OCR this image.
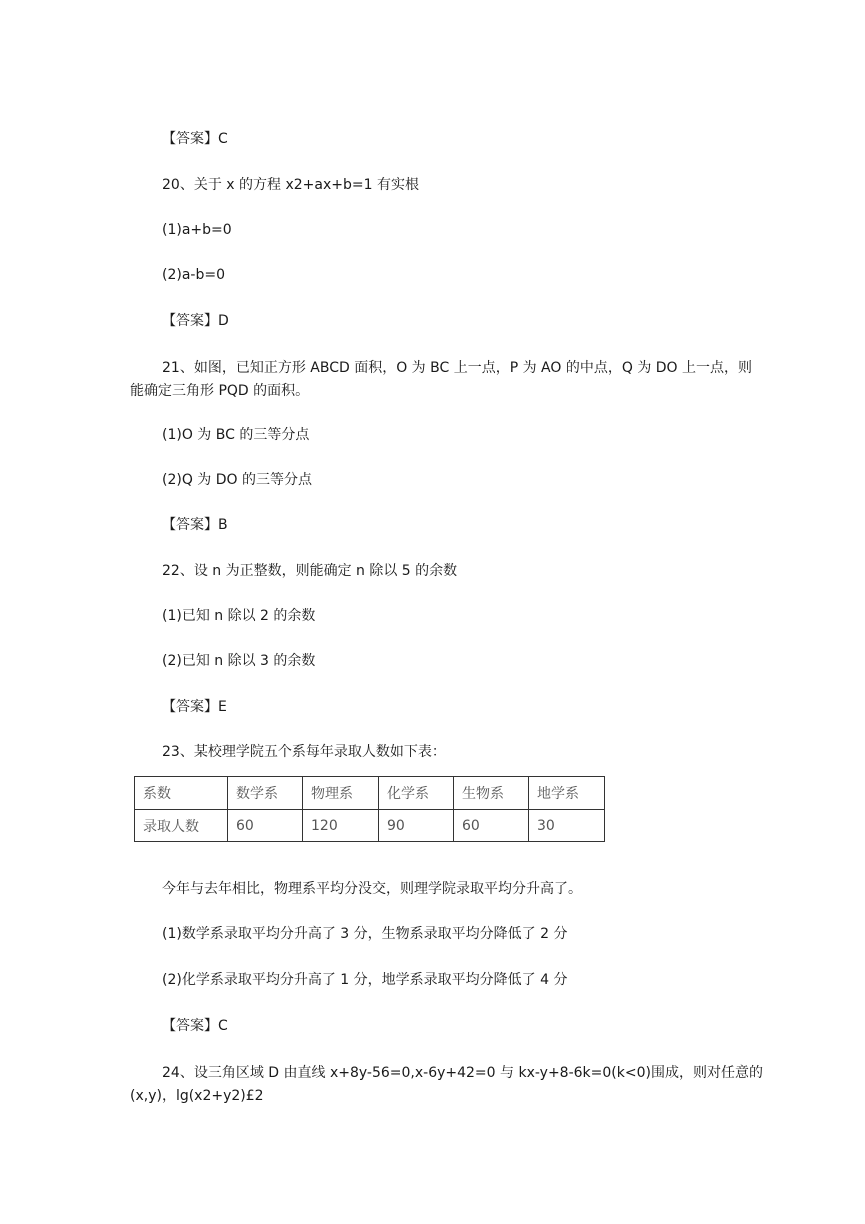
【答案】C
20、关于 x 的方程 x2+ax+b=1 有实根
(1)a+b=0
(2)a-b=0
【答案】D
21、如图，已知正方形 ABCD 面积，O 为 BC 上一点，P 为 AO 的中点，Q 为 DO 上一点，则能确定三角形 PQD 的面积。
(1)O 为 BC 的三等分点
(2)Q 为 DO 的三等分点
【答案】B
22、设 n 为正整数，则能确定 n 除以 5 的余数
(1)已知 n 除以 2 的余数
(2)已知 n 除以 3 的余数
【答案】E
23、某校理学院五个系每年录取人数如下表：
系数	数学系	物理系	化学系	生物系	地学系
录取人数	60	120	90	60	30
今年与去年相比，物理系平均分没交，则理学院录取平均分升高了。
(1)数学系录取平均分升高了 3 分，生物系录取平均分降低了 2 分
(2)化学系录取平均分升高了 1 分，地学系录取平均分降低了 4 分
【答案】C
24、设三角区域 D 由直线 x+8y-56=0,x-6y+42=0 与 kx-y+8-6k=0(k<0)围成，则对任意的(x,y)，lg(x2+y2)£2
